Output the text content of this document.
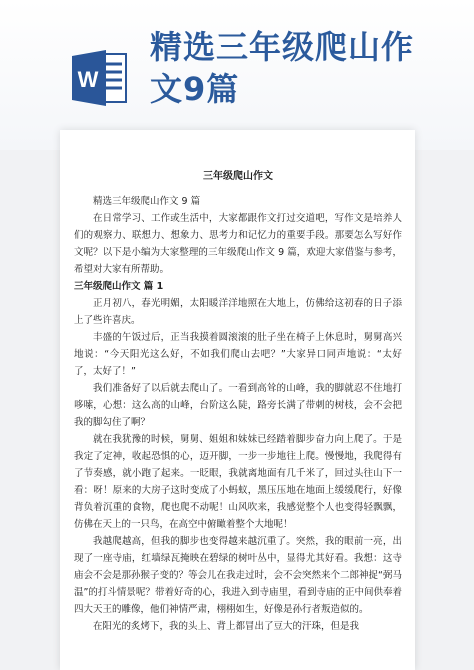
W
精选三年级爬山作
文9篇

三年级爬山作文

精选三年级爬山作文 9 篇

在日常学习、工作或生活中，大家都跟作文打过交道吧，写作文是培养人们的观察力、联想力、想象力、思考力和记忆力的重要手段。那要怎么写好作文呢？以下是小编为大家整理的三年级爬山作文 9 篇，欢迎大家借鉴与参考，希望对大家有所帮助。

三年级爬山作文 篇 1

正月初八，春光明媚，太阳暖洋洋地照在大地上，仿佛给这初春的日子添上了些许喜庆。

丰盛的午饭过后，正当我摸着圆滚滚的肚子坐在椅子上休息时，舅舅高兴地说：“今天阳光这么好，不如我们爬山去吧？”大家异口同声地说：“太好了，太好了！”

我们准备好了以后就去爬山了。一看到高耸的山峰，我的脚就忍不住地打哆嗦，心想：这么高的山峰，台阶这么陡，路旁长满了带刺的树枝，会不会把我的脚勾住了啊？

就在我犹豫的时候，舅舅、姐姐和妹妹已经踏着脚步奋力向上爬了。于是我定了定神，收起恐惧的心，迈开脚，一步一步地往上爬。慢慢地，我爬得有了节奏感，就小跑了起来。一眨眼，我就离地面有几千米了，回过头往山下一看：呀！原来的大房子这时变成了小蚂蚁，黑压压地在地面上缓缓爬行，好像背负着沉重的食物，爬也爬不动呢！山风吹来，我感觉整个人也变得轻飘飘，仿佛在天上的一只鸟，在高空中俯瞰着整个大地呢！

我越爬越高，但我的脚步也变得越来越沉重了。突然，我的眼前一亮，出现了一座寺庙，红墙绿瓦掩映在碧绿的树叶丛中，显得尤其好看。我想：这寺庙会不会是那孙猴子变的？等会儿在我走过时，会不会突然来个二郎神捉“弼马温”的打斗情景呢？带着好奇的心，我进入到寺庙里，看到寺庙的正中间供奉着四大天王的雕像，他们神情严肃，栩栩如生，好像是孙行者叛造似的。

在阳光的炙烤下，我的头上、背上都冒出了豆大的汗珠，但是我
